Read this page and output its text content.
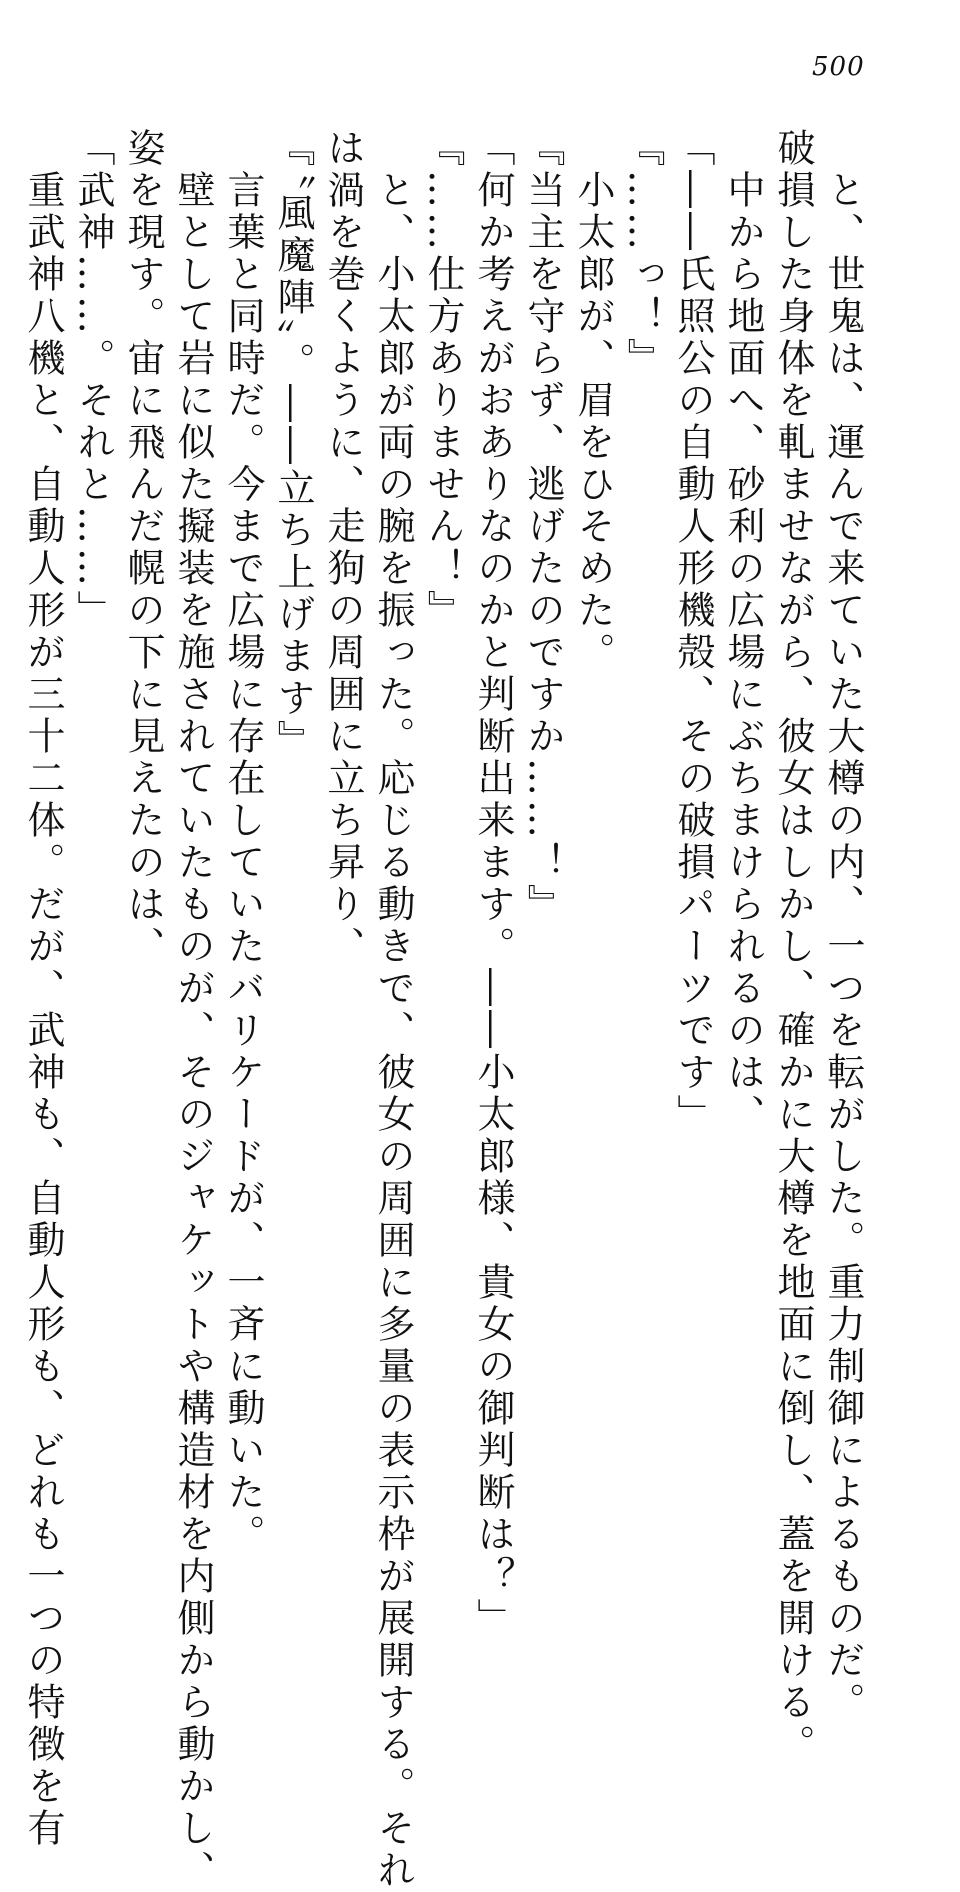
500
　と、世鬼は、運んで来ていた大樽の内、一つを転がした。重力制御によるものだ。
破損した身体を軋ませながら、彼女はしかし、確かに大樽を地面に倒し、蓋を開ける。
　中から地面へ、砂利の広場にぶちまけられるのは、
「――氏照公の自動人形機殻、その破損パーツです」
『……っ！』
　小太郎が、眉をひそめた。
『当主を守らず、逃げたのですか……！』
「何か考えがおありなのかと判断出来ます。――小太郎様、貴女の御判断は？」
『……仕方ありません！』
　と、小太郎が両の腕を振った。応じる動きで、彼女の周囲に多量の表示枠が展開する。それ
は渦を巻くように、走狗の周囲に立ち昇り、
『〝風魔陣〟。――立ち上げます』
　言葉と同時だ。今まで広場に存在していたバリケードが、一斉に動いた。
　壁として岩に似た擬装を施されていたものが、そのジャケットや構造材を内側から動かし、
姿を現す。宙に飛んだ幌の下に見えたのは、
「武神……。それと……」
　重武神八機と、自動人形が三十二体。だが、武神も、自動人形も、どれも一つの特徴を有
